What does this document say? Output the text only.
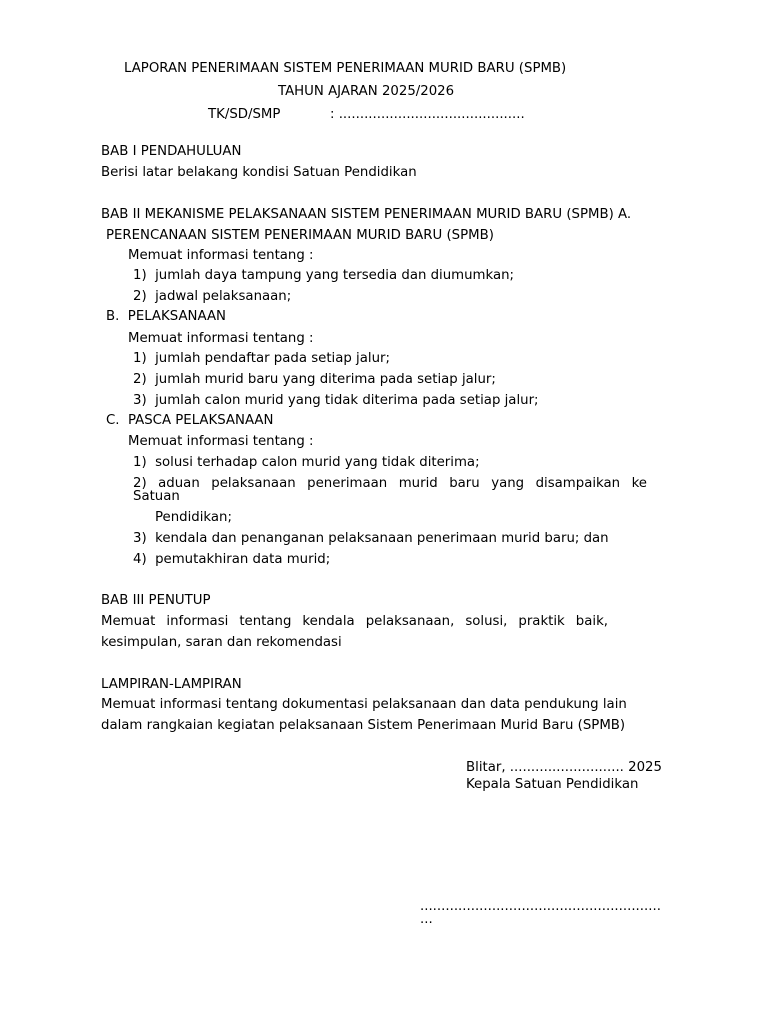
LAPORAN PENERIMAAN SISTEM PENERIMAAN MURID BARU (SPMB)
TAHUN AJARAN 2025/2026
TK/SD/SMP	: ............................................
BAB I PENDAHULUAN
Berisi latar belakang kondisi Satuan Pendidikan
BAB II MEKANISME PELAKSANAAN SISTEM PENERIMAAN MURID BARU (SPMB) A.
PERENCANAAN SISTEM PENERIMAAN MURID BARU (SPMB)
Memuat informasi tentang :
1)  jumlah daya tampung yang tersedia dan diumumkan;
2)  jadwal pelaksanaan;
B.  PELAKSANAAN
Memuat informasi tentang :
1)  jumlah pendaftar pada setiap jalur;
2)  jumlah murid baru yang diterima pada setiap jalur;
3)  jumlah calon murid yang tidak diterima pada setiap jalur;
C.  PASCA PELAKSANAAN
Memuat informasi tentang :
1)  solusi terhadap calon murid yang tidak diterima;
2) aduan pelaksanaan penerimaan murid baru yang disampaikan ke
Satuan
Pendidikan;
3)  kendala dan penanganan pelaksanaan penerimaan murid baru; dan
4)  pemutakhiran data murid;
BAB III PENUTUP
Memuat informasi tentang kendala pelaksanaan, solusi, praktik baik,
kesimpulan, saran dan rekomendasi
LAMPIRAN-LAMPIRAN
Memuat informasi tentang dokumentasi pelaksanaan dan data pendukung lain
dalam rangkaian kegiatan pelaksanaan Sistem Penerimaan Murid Baru (SPMB)
Blitar, ........................... 2025
Kepala Satuan Pendidikan
.........................................................
...
